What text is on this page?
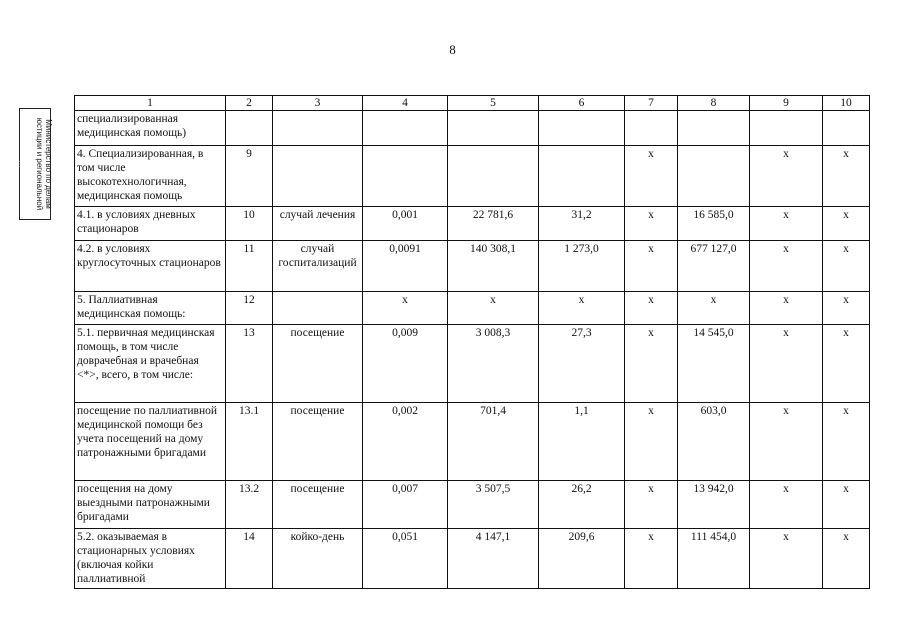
8
Министерство по делам
юстиции и региональной

…
1	2	3	4	5	6	7	8	9	10
специализированная медицинская помощь)									
4. Специализированная, в том числе высокотехнологичная, медицинская помощь	9					x		x	x
4.1. в условиях дневных стационаров	10	случай лечения	0,001	22 781,6	31,2	x	16 585,0	x	x
4.2. в условиях круглосуточных стационаров	11	случай госпитализаций	0,0091	140 308,1	1 273,0	x	677 127,0	x	x
5. Паллиативная медицинская помощь:	12		x	x	x	x	x	x	x
5.1. первичная медицинская помощь, в том числе доврачебная и врачебная <*>, всего, в том числе:	13	посещение	0,009	3 008,3	27,3	x	14 545,0	x	x
посещение по паллиативной медицинской помощи без учета посещений на дому патронажными бригадами	13.1	посещение	0,002	701,4	1,1	x	603,0	x	x
посещения на дому выездными патронажными бригадами	13.2	посещение	0,007	3 507,5	26,2	x	13 942,0	x	x
5.2. оказываемая в стационарных условиях (включая койки паллиативной	14	койко-день	0,051	4 147,1	209,6	x	111 454,0	x	x
